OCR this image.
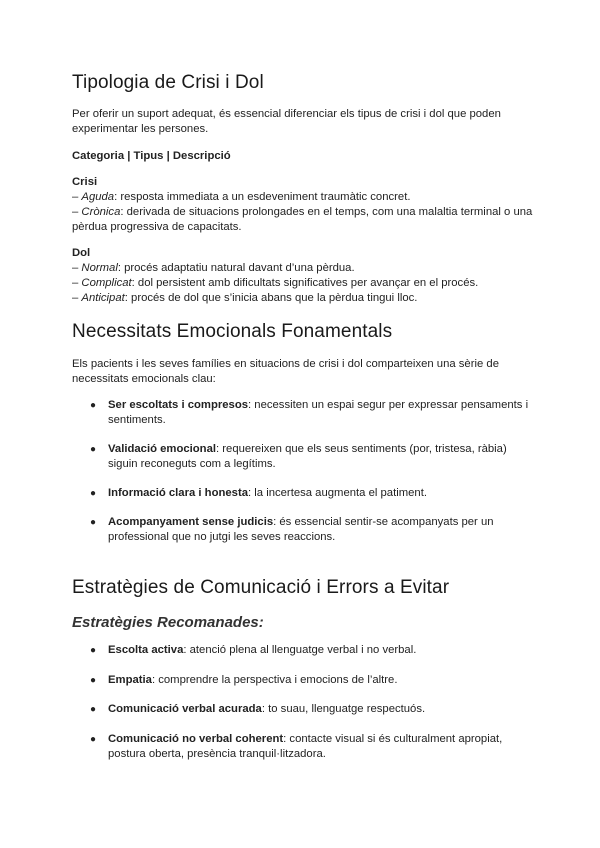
Tipologia de Crisi i Dol
Per oferir un suport adequat, és essencial diferenciar els tipus de crisi i dol que poden
experimentar les persones.
Categoria | Tipus | Descripció
Crisi
– Aguda: resposta immediata a un esdeveniment traumàtic concret.
– Crònica: derivada de situacions prolongades en el temps, com una malaltia terminal o una
pèrdua progressiva de capacitats.
Dol
– Normal: procés adaptatiu natural davant d’una pèrdua.
– Complicat: dol persistent amb dificultats significatives per avançar en el procés.
– Anticipat: procés de dol que s’inicia abans que la pèrdua tingui lloc.
Necessitats Emocionals Fonamentals
Els pacients i les seves famílies en situacions de crisi i dol comparteixen una sèrie de
necessitats emocionals clau:
● Ser escoltats i compresos: necessiten un espai segur per expressar pensaments i
sentiments.
● Validació emocional: requereixen que els seus sentiments (por, tristesa, ràbia)
siguin reconeguts com a legítims.
● Informació clara i honesta: la incertesa augmenta el patiment.
● Acompanyament sense judicis: és essencial sentir-se acompanyats per un
professional que no jutgi les seves reaccions.
Estratègies de Comunicació i Errors a Evitar
Estratègies Recomanades:
● Escolta activa: atenció plena al llenguatge verbal i no verbal.
● Empatia: comprendre la perspectiva i emocions de l’altre.
● Comunicació verbal acurada: to suau, llenguatge respectuós.
● Comunicació no verbal coherent: contacte visual si és culturalment apropiat,
postura oberta, presència tranquil·litzadora.
